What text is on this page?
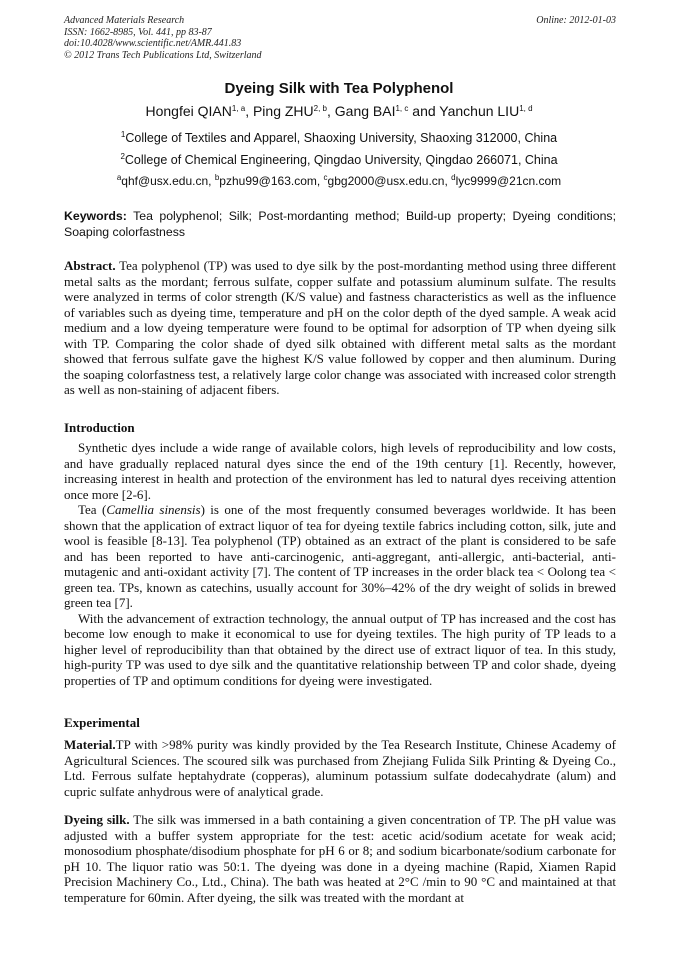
Advanced Materials Research
ISSN: 1662-8985, Vol. 441, pp 83-87
doi:10.4028/www.scientific.net/AMR.441.83
© 2012 Trans Tech Publications Ltd, Switzerland
Online: 2012-01-03
Dyeing Silk with Tea Polyphenol
Hongfei QIAN$^{1, a}$, Ping ZHU$^{2, b}$, Gang BAI$^{1, c}$ and Yanchun LIU$^{1, d}$
$^1$College of Textiles and Apparel, Shaoxing University, Shaoxing 312000, China
$^2$College of Chemical Engineering, Qingdao University, Qingdao 266071, China
$^a$qhf@usx.edu.cn, $^b$pzhu99@163.com, $^c$gbg2000@usx.edu.cn, $^d$lyc9999@21cn.com
Keywords: Tea polyphenol; Silk; Post-mordanting method; Build-up property; Dyeing conditions; Soaping colorfastness
Abstract. Tea polyphenol (TP) was used to dye silk by the post-mordanting method using three different metal salts as the mordant; ferrous sulfate, copper sulfate and potassium aluminum sulfate. The results were analyzed in terms of color strength (K/S value) and fastness characteristics as well as the influence of variables such as dyeing time, temperature and pH on the color depth of the dyed sample. A weak acid medium and a low dyeing temperature were found to be optimal for adsorption of TP when dyeing silk with TP. Comparing the color shade of dyed silk obtained with different metal salts as the mordant showed that ferrous sulfate gave the highest K/S value followed by copper and then aluminum. During the soaping colorfastness test, a relatively large color change was associated with increased color strength as well as non-staining of adjacent fibers.
Introduction

Synthetic dyes include a wide range of available colors, high levels of reproducibility and low costs, and have gradually replaced natural dyes since the end of the 19th century [1]. Recently, however, increasing interest in health and protection of the environment has led to natural dyes receiving attention once more [2-6].

Tea (Camellia sinensis) is one of the most frequently consumed beverages worldwide. It has been shown that the application of extract liquor of tea for dyeing textile fabrics including cotton, silk, jute and wool is feasible [8-13]. Tea polyphenol (TP) obtained as an extract of the plant is considered to be safe and has been reported to have anti-carcinogenic, anti-aggregant, anti-allergic, anti-bacterial, anti-mutagenic and anti-oxidant activity [7]. The content of TP increases in the order black tea < Oolong tea < green tea. TPs, known as catechins, usually account for 30%–42% of the dry weight of solids in brewed green tea [7].

With the advancement of extraction technology, the annual output of TP has increased and the cost has become low enough to make it economical to use for dyeing textiles. The high purity of TP leads to a higher level of reproducibility than that obtained by the direct use of extract liquor of tea. In this study, high-purity TP was used to dye silk and the quantitative relationship between TP and color shade, dyeing properties of TP and optimum conditions for dyeing were investigated.

Experimental
Material.TP with >98% purity was kindly provided by the Tea Research Institute, Chinese Academy of Agricultural Sciences. The scoured silk was purchased from Zhejiang Fulida Silk Printing & Dyeing Co., Ltd. Ferrous sulfate heptahydrate (copperas), aluminum potassium sulfate dodecahydrate (alum) and cupric sulfate anhydrous were of analytical grade.
Dyeing silk. The silk was immersed in a bath containing a given concentration of TP. The pH value was adjusted with a buffer system appropriate for the test: acetic acid/sodium acetate for weak acid; monosodium phosphate/disodium phosphate for pH 6 or 8; and sodium bicarbonate/sodium carbonate for pH 10. The liquor ratio was 50:1. The dyeing was done in a dyeing machine (Rapid, Xiamen Rapid Precision Machinery Co., Ltd., China). The bath was heated at 2°C /min to 90 °C and maintained at that temperature for 60min. After dyeing, the silk was treated with the mordant at
